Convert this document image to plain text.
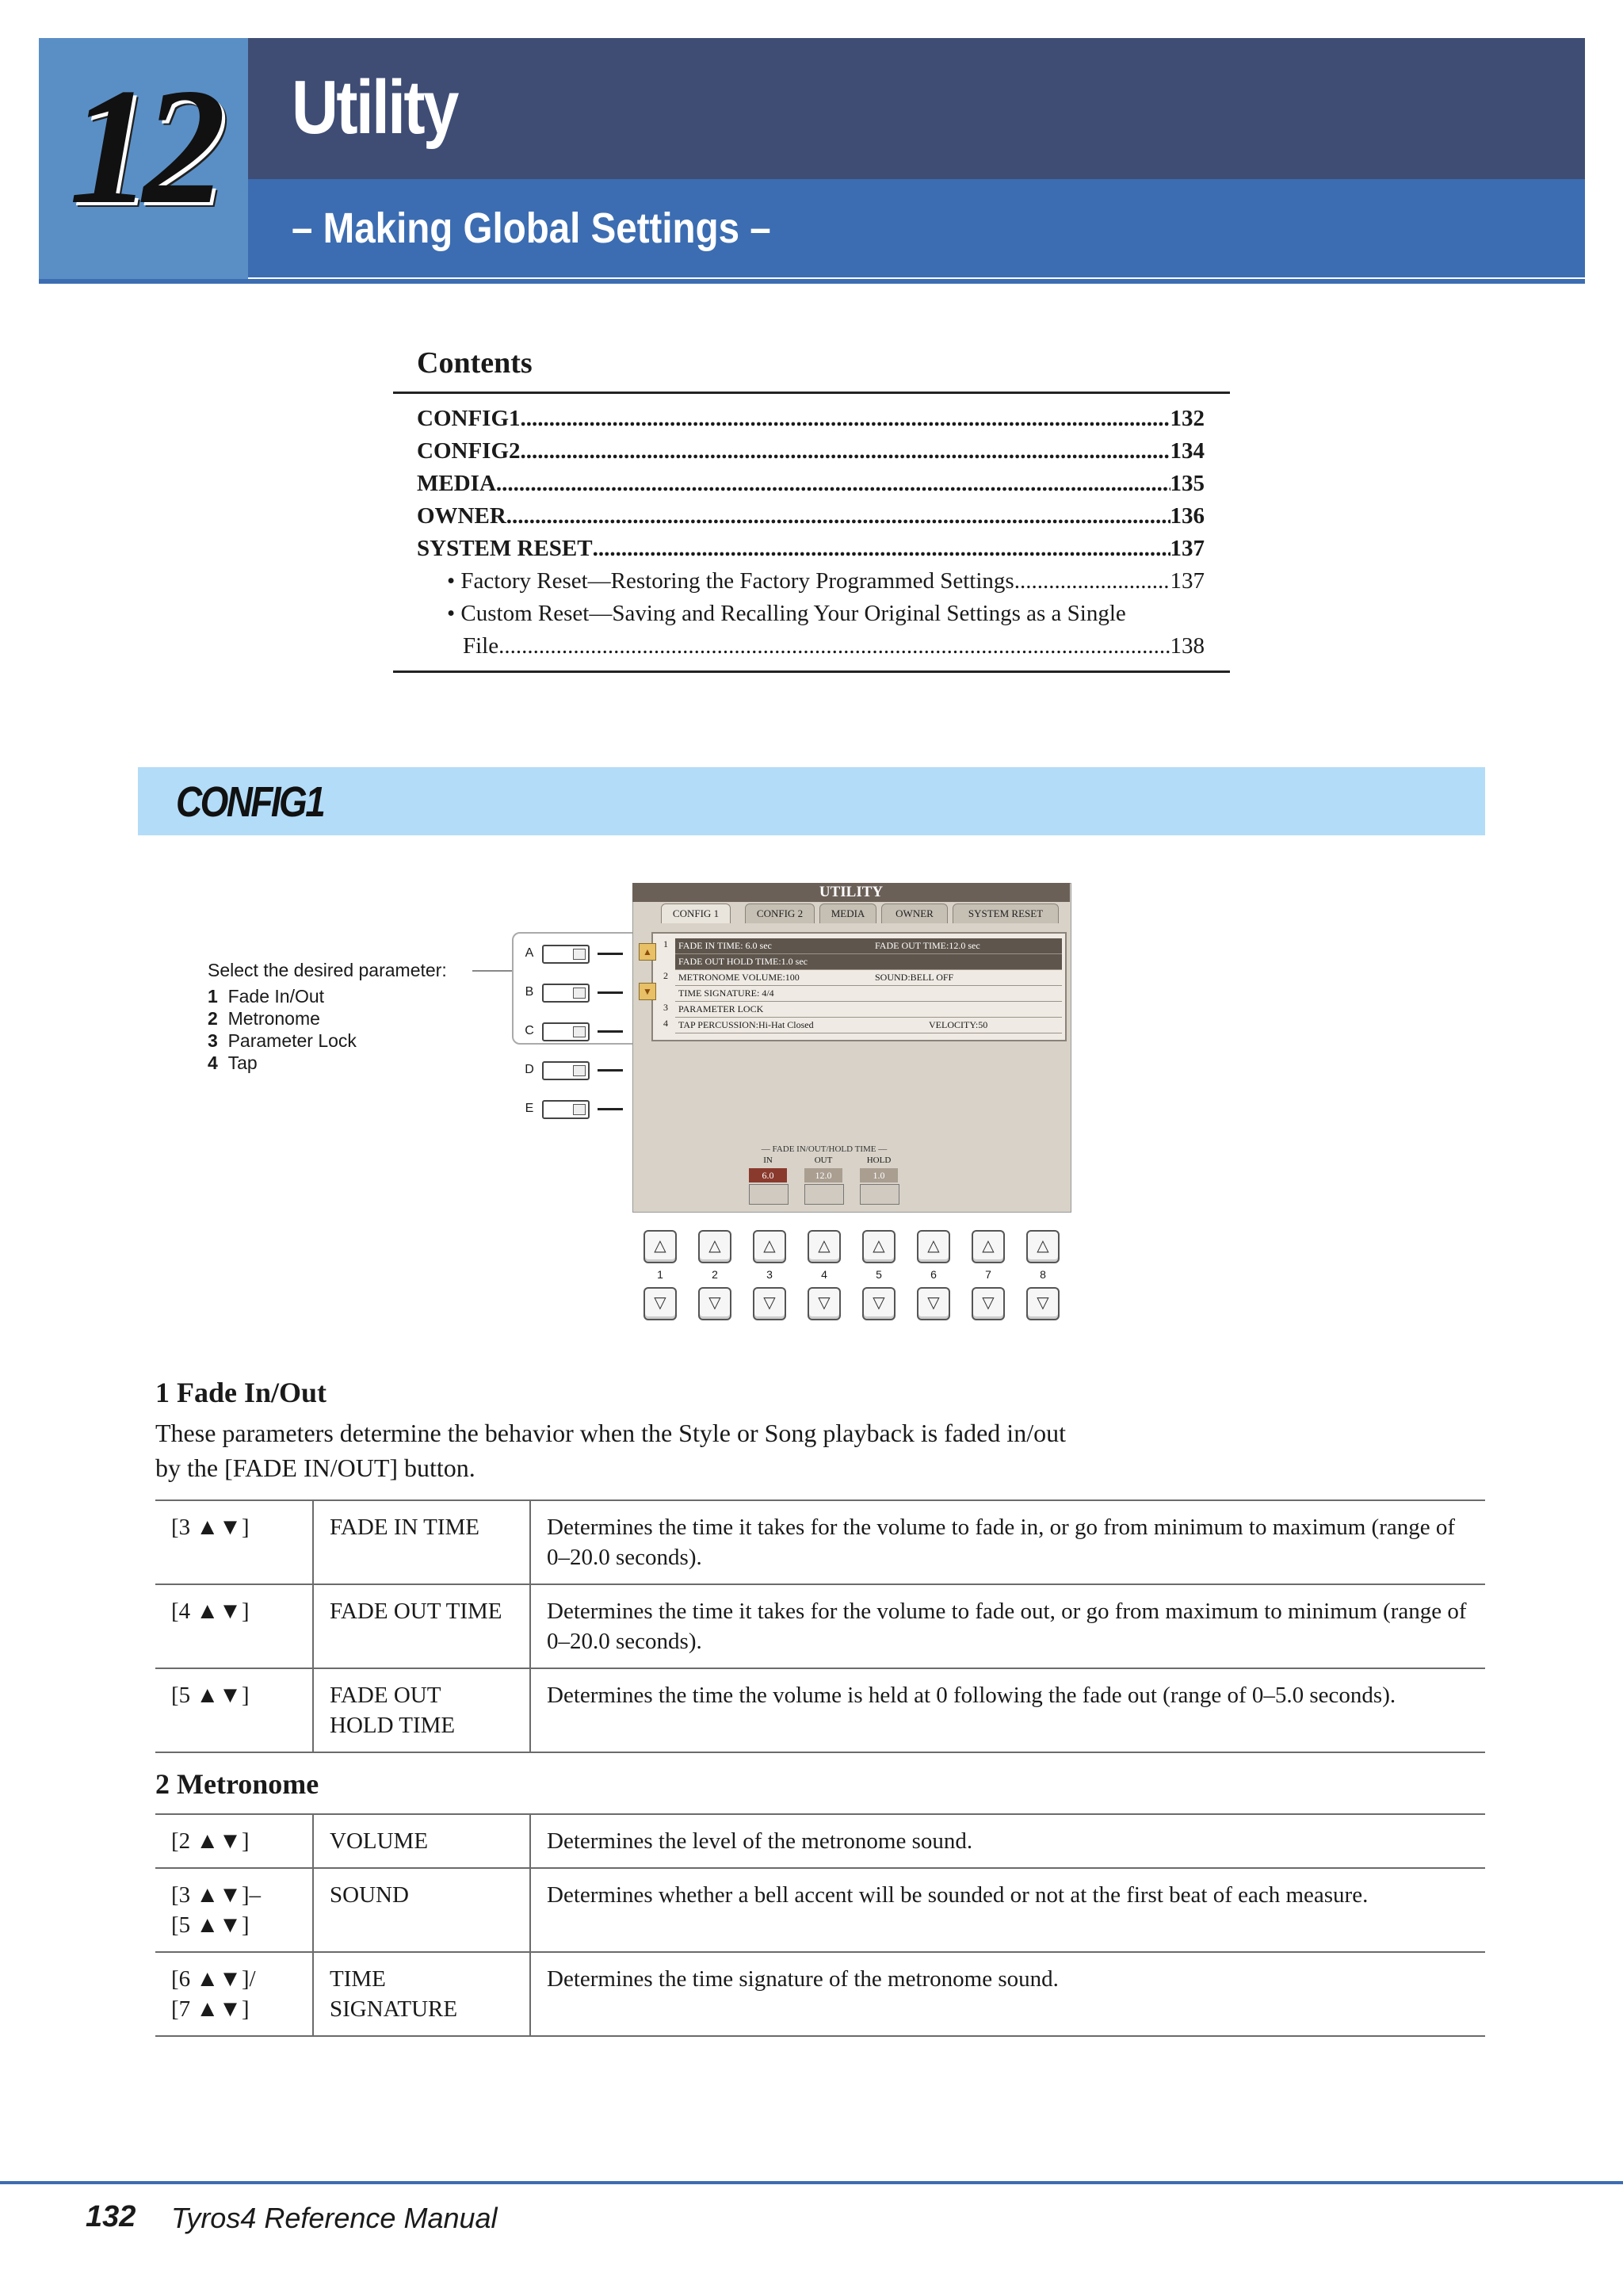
12 Utility
– Making Global Settings –
Contents
CONFIG1 .....	132
CONFIG2 .....	134
MEDIA .....	135
OWNER .....	136
SYSTEM RESET .....	137
• Factory Reset—Restoring the Factory Programmed Settings .....	137
• Custom Reset—Saving and Recalling Your Original Settings as a Single
File .....	138
CONFIG1
Select the desired parameter:
1 Fade In/Out
2 Metronome
3 Parameter Lock
4 Tap
A
B
C
D
E
UTILITY
CONFIG 1	CONFIG 2	MEDIA	OWNER	SYSTEM RESET
▲
▼
1	FADE IN TIME: 6.0 sec	FADE OUT TIME:12.0 sec
FADE OUT HOLD TIME:1.0 sec
2	METRONOME VOLUME:100	SOUND:BELL OFF
TIME SIGNATURE: 4/4
3	PARAMETER LOCK
4	TAP PERCUSSION:Hi-Hat Closed	VELOCITY:50
— FADE IN/OUT/HOLD TIME —
IN	OUT	HOLD
6.0	12.0	1.0
△	△	△	△	△	△	△	△
1	2	3	4	5	6	7	8
▽	▽	▽	▽	▽	▽	▽	▽
1 Fade In/Out
These parameters determine the behavior when the Style or Song playback is faded in/out
by the [FADE IN/OUT] button.
[3 ▲▼]	FADE IN TIME	Determines the time it takes for the volume to fade in, or go from minimum to maximum (range of 0–20.0 seconds).
[4 ▲▼]	FADE OUT TIME	Determines the time it takes for the volume to fade out, or go from maximum to minimum (range of 0–20.0 seconds).
[5 ▲▼]	FADE OUT
HOLD TIME	Determines the time the volume is held at 0 following the fade out (range of 0–5.0 seconds).
2 Metronome
[2 ▲▼]	VOLUME	Determines the level of the metronome sound.
[3 ▲▼]–
[5 ▲▼]	SOUND	Determines whether a bell accent will be sounded or not at the first beat of each measure.
[6 ▲▼]/
[7 ▲▼]	TIME
SIGNATURE	Determines the time signature of the metronome sound.
132 Tyros4 Reference Manual
